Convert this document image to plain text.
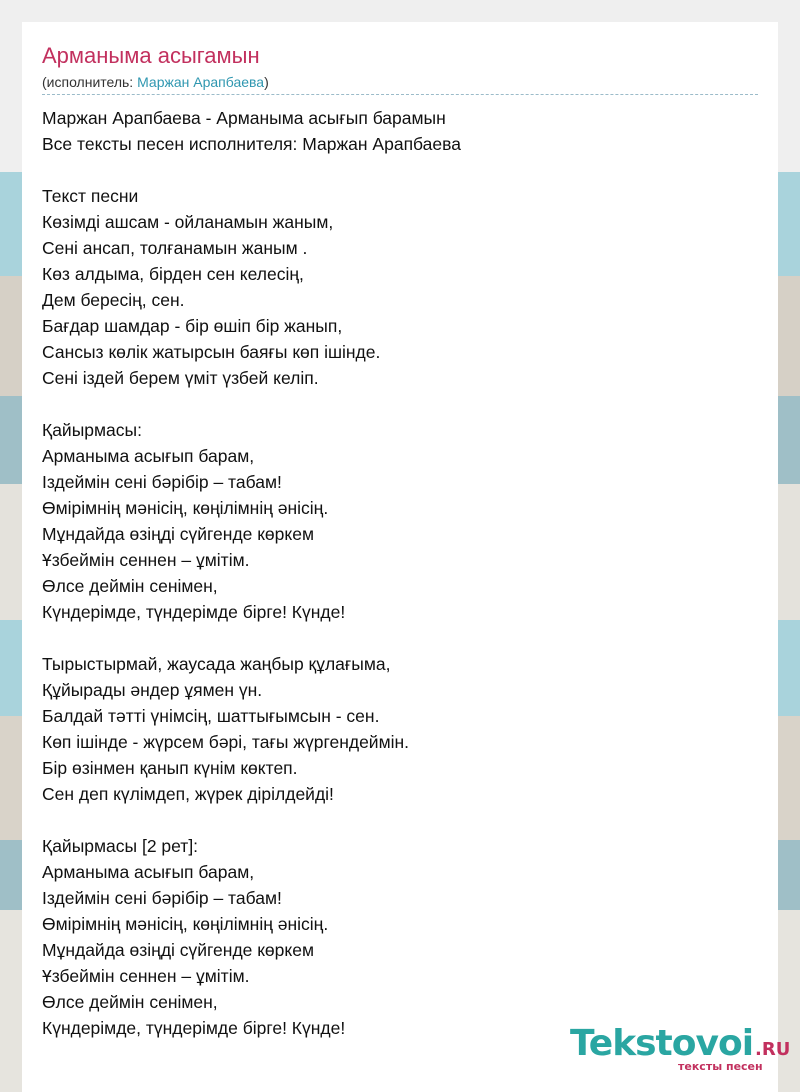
Арманыма асыгамын
(исполнитель: Маржан Арапбаева)
Маржан Арапбаева - Арманыма асығып барамын
Все тексты песен исполнителя: Маржан Арапбаева
Текст песни
Көзімді ашсам - ойланамын жаным,
Сені ансап, толғанамын жаным .
Көз алдыма, бірден сен келесің,
Дем бересің, сен.
Бағдар шамдар - бір өшіп бір жанып,
Сансыз көлік жатырсын баяғы көп ішінде.
Сені іздей берем үміт үзбей келіп.
Қайырмасы:
Арманыма асығып барам,
Іздеймін сені бәрібір – табам!
Өмірімнің мәнісің, көңілімнің әнісің.
Мұндайда өзіңді сүйгенде көркем
Ұзбеймін сеннен – ұмітім.
Өлсе деймін сенімен,
Күндерімде, түндерімде бірге! Күнде!
Тырыстырмай, жаусада жаңбыр құлағыма,
Құйырады әндер ұямен үн.
Балдай тәтті үнімсің, шаттығымсын - сен.
Көп ішінде - жүрсем бәрі, тағы жүргендеймін.
Бір өзінмен қанып күнім көктеп.
Сен деп күлімдеп, жүрек дірілдейді!
Қайырмасы [2 рет]:
Арманыма асығып барам,
Іздеймін сені бәрібір – табам!
Өмірімнің мәнісің, көңілімнің әнісің.
Мұндайда өзіңді сүйгенде көркем
Ұзбеймін сеннен – ұмітім.
Өлсе деймін сенімен,
Күндерімде, түндерімде бірге! Күнде!	Tekstovoi .RU
тексты песен
